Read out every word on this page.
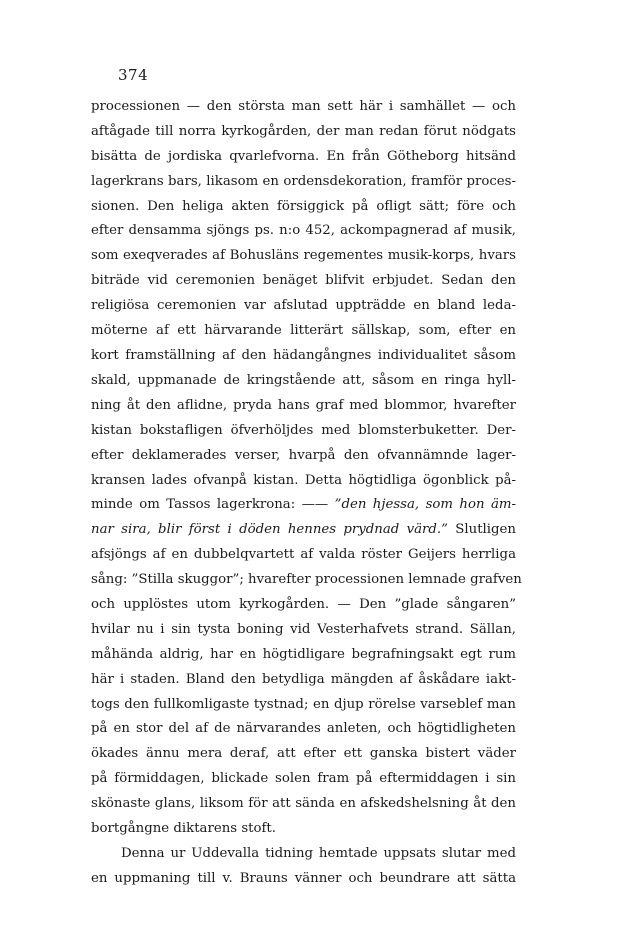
374
processionen — den största man sett här i samhället — och
aftågade till norra kyrkogården, der man redan förut nödgats
bisätta de jordiska qvarlefvorna. En från Götheborg hitsänd
lagerkrans bars, likasom en ordensdekoration, framför proces-
sionen. Den heliga akten försiggick på ofligt sätt; före och
efter densamma sjöngs ps. n:o 452, ackompagnerad af musik,
som exeqverades af Bohusläns regementes musik-korps, hvars
biträde vid ceremonien benäget blifvit erbjudet. Sedan den
religiösa ceremonien var afslutad uppträdde en bland leda-
möterne af ett härvarande litterärt sällskap, som, efter en
kort framställning af den hädangångnes individualitet såsom
skald, uppmanade de kringstående att, såsom en ringa hyll-
ning åt den aflidne, pryda hans graf med blommor, hvarefter
kistan bokstafligen öfverhöljdes med blomsterbuketter. Der-
efter deklamerades verser, hvarpå den ofvannämnde lager-
kransen lades ofvanpå kistan. Detta högtidliga ögonblick på-
minde om Tassos lagerkrona: —— ”den hjessa, som hon äm-
nar sira, blir först i döden hennes prydnad värd.” Slutligen
afsjöngs af en dubbelqvartett af valda röster Geijers herrliga
sång: ”Stilla skuggor”; hvarefter processionen lemnade grafven
och upplöstes utom kyrkogården. — Den ”glade sångaren”
hvilar nu i sin tysta boning vid Vesterhafvets strand. Sällan,
måhända aldrig, har en högtidligare begrafningsakt egt rum
här i staden. Bland den betydliga mängden af åskådare iakt-
togs den fullkomligaste tystnad; en djup rörelse varseblef man
på en stor del af de närvarandes anleten, och högtidligheten
ökades ännu mera deraf, att efter ett ganska bistert väder
på förmiddagen, blickade solen fram på eftermiddagen i sin
skönaste glans, liksom för att sända en afskedshelsning åt den
bortgångne diktarens stoft.
Denna ur Uddevalla tidning hemtade uppsats slutar med
en uppmaning till v. Brauns vänner och beundrare att sätta
